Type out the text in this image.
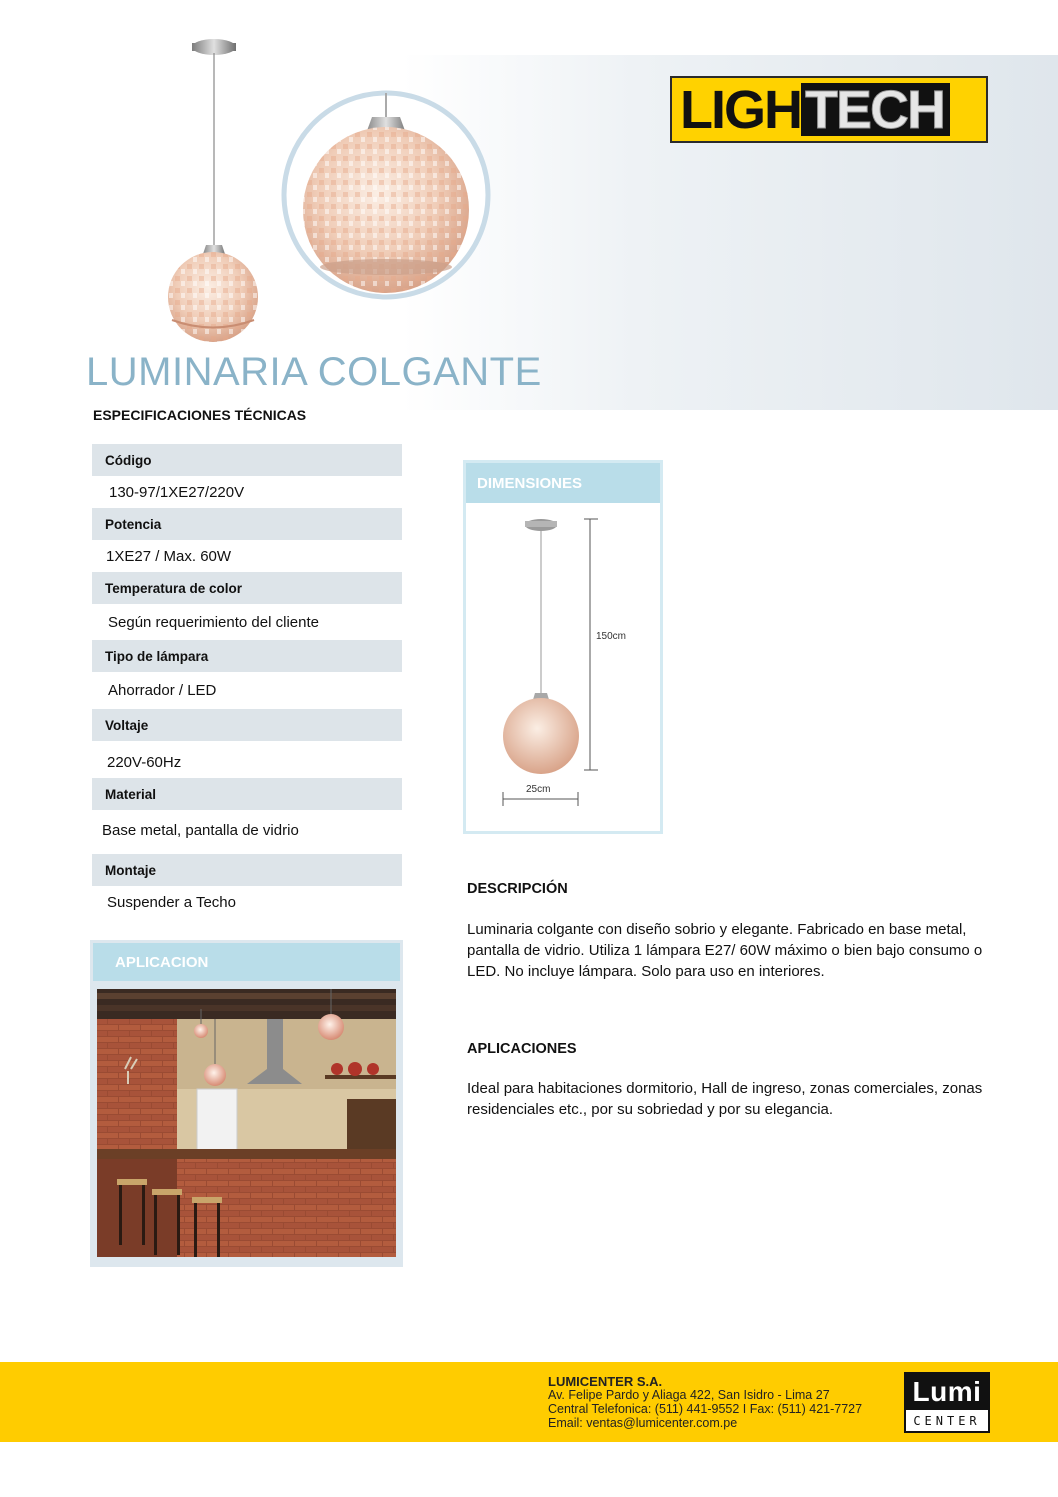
LIGH TECH
LUMINARIA COLGANTE
ESPECIFICACIONES TÉCNICAS
Código
130-97/1XE27/220V
Potencia
1XE27 / Max. 60W
Temperatura de color
Según requerimiento del cliente
Tipo de lámpara
Ahorrador / LED
Voltaje
220V-60Hz
Material
Base metal, pantalla de vidrio
Montaje
Suspender a Techo
APLICACION
DIMENSIONES
150cm
25cm
DESCRIPCIÓN
Luminaria colgante con diseño sobrio y elegante. Fabricado en base metal, pantalla de vidrio. Utiliza 1 lámpara E27/ 60W máximo o bien bajo consumo o LED. No incluye lámpara. Solo para uso en interiores.
APLICACIONES
Ideal para habitaciones dormitorio, Hall de ingreso, zonas comerciales, zonas residenciales etc., por su sobriedad y por su elegancia.
LUMICENTER S.A.
Av. Felipe Pardo y Aliaga 422, San Isidro - Lima 27
Central Telefonica: (511) 441-9552 I Fax: (511) 421-7727
Email: ventas@lumicenter.com.pe
Lumi
CENTER
